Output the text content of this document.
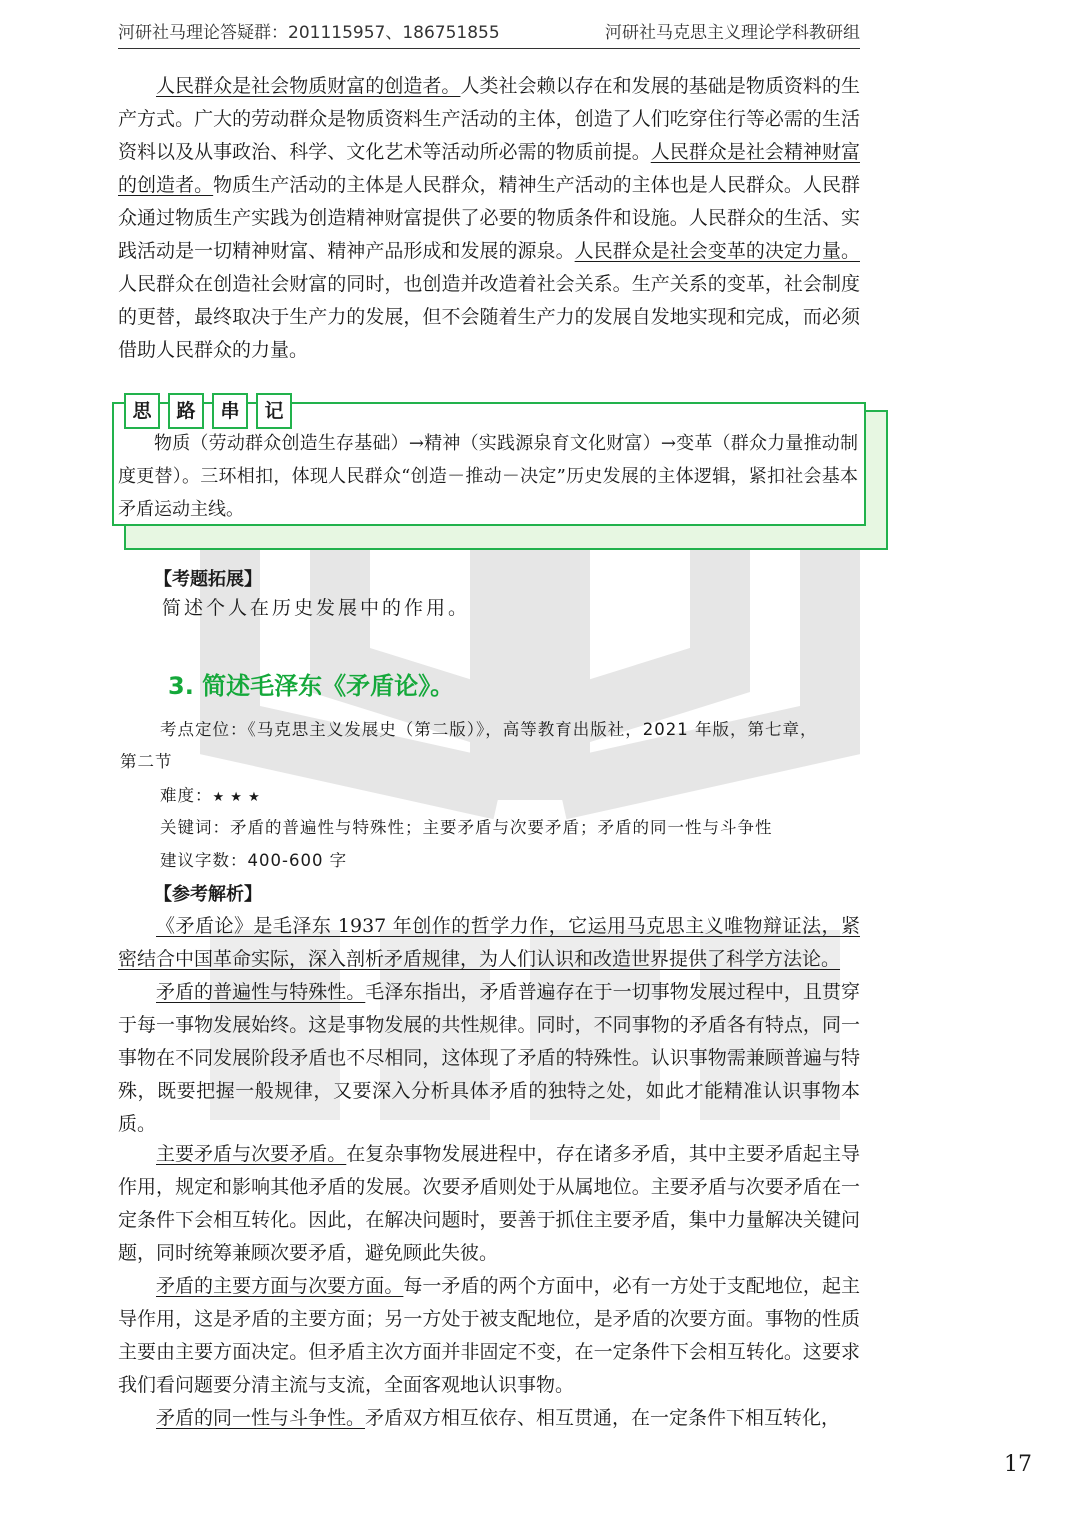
河研社马理论答疑群：201115957、186751855	河研社马克思主义理论学科教研组

人民群众是社会物质财富的创造者。人类社会赖以存在和发展的基础是物质资料的生产方式。广大的劳动群众是物质资料生产活动的主体，创造了人们吃穿住行等必需的生活资料以及从事政治、科学、文化艺术等活动所必需的物质前提。人民群众是社会精神财富的创造者。物质生产活动的主体是人民群众，精神生产活动的主体也是人民群众。人民群众通过物质生产实践为创造精神财富提供了必要的物质条件和设施。人民群众的生活、实践活动是一切精神财富、精神产品形成和发展的源泉。人民群众是社会变革的决定力量。人民群众在创造社会财富的同时，也创造并改造着社会关系。生产关系的变革，社会制度的更替，最终取决于生产力的发展，但不会随着生产力的发展自发地实现和完成，而必须借助人民群众的力量。

思	路	串	记

物质（劳动群众创造生存基础）→精神（实践源泉育文化财富）→变革（群众力量推动制度更替）。三环相扣，体现人民群众“创造－推动－决定”历史发展的主体逻辑，紧扣社会基本矛盾运动主线。

【考题拓展】
简述个人在历史发展中的作用。
3. 简述毛泽东《矛盾论》。
考点定位：《马克思主义发展史（第二版）》，高等教育出版社，2021 年版，第七章，
第二节
难度：★ ★ ★
关键词：矛盾的普遍性与特殊性；主要矛盾与次要矛盾；矛盾的同一性与斗争性
建议字数：400-600 字
【参考解析】

《矛盾论》是毛泽东 1937 年创作的哲学力作，它运用马克思主义唯物辩证法，紧密结合中国革命实际，深入剖析矛盾规律，为人们认识和改造世界提供了科学方法论。

矛盾的普遍性与特殊性。毛泽东指出，矛盾普遍存在于一切事物发展过程中，且贯穿于每一事物发展始终。这是事物发展的共性规律。同时，不同事物的矛盾各有特点，同一事物在不同发展阶段矛盾也不尽相同，这体现了矛盾的特殊性。认识事物需兼顾普遍与特殊，既要把握一般规律，又要深入分析具体矛盾的独特之处，如此才能精准认识事物本质。

主要矛盾与次要矛盾。在复杂事物发展进程中，存在诸多矛盾，其中主要矛盾起主导作用，规定和影响其他矛盾的发展。次要矛盾则处于从属地位。主要矛盾与次要矛盾在一定条件下会相互转化。因此，在解决问题时，要善于抓住主要矛盾，集中力量解决关键问题，同时统筹兼顾次要矛盾，避免顾此失彼。

矛盾的主要方面与次要方面。每一矛盾的两个方面中，必有一方处于支配地位，起主导作用，这是矛盾的主要方面；另一方处于被支配地位，是矛盾的次要方面。事物的性质主要由主要方面决定。但矛盾主次方面并非固定不变，在一定条件下会相互转化。这要求我们看问题要分清主流与支流，全面客观地认识事物。

矛盾的同一性与斗争性。矛盾双方相互依存、相互贯通，在一定条件下相互转化，

17
